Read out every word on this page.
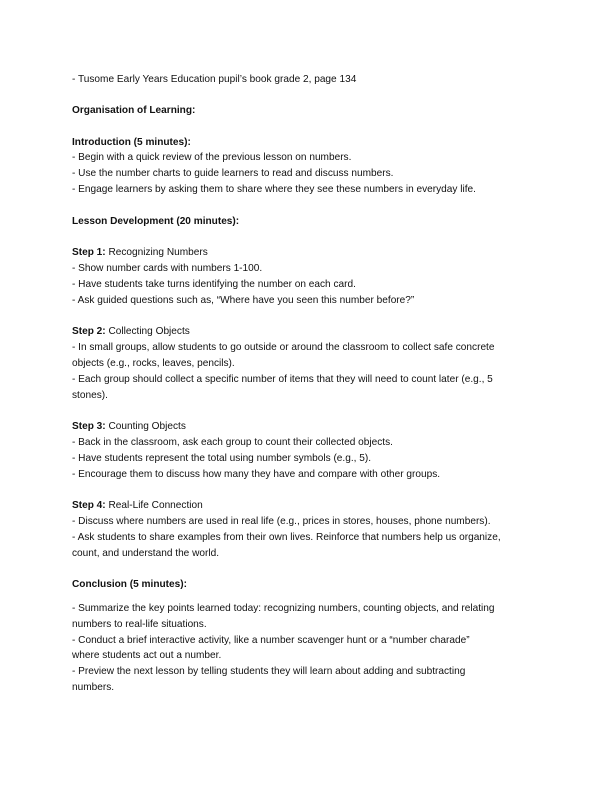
- Tusome Early Years Education pupil’s book grade 2, page 134
Organisation of Learning:
Introduction (5 minutes):
- Begin with a quick review of the previous lesson on numbers.
- Use the number charts to guide learners to read and discuss numbers.
- Engage learners by asking them to share where they see these numbers in everyday life.
Lesson Development (20 minutes):
Step 1: Recognizing Numbers
- Show number cards with numbers 1-100.
- Have students take turns identifying the number on each card.
- Ask guided questions such as, “Where have you seen this number before?”
Step 2: Collecting Objects
- In small groups, allow students to go outside or around the classroom to collect safe concrete
objects (e.g., rocks, leaves, pencils).
- Each group should collect a specific number of items that they will need to count later (e.g., 5
stones).
Step 3: Counting Objects
- Back in the classroom, ask each group to count their collected objects.
- Have students represent the total using number symbols (e.g., 5).
- Encourage them to discuss how many they have and compare with other groups.
Step 4: Real-Life Connection
- Discuss where numbers are used in real life (e.g., prices in stores, houses, phone numbers).
- Ask students to share examples from their own lives. Reinforce that numbers help us organize,
count, and understand the world.
Conclusion (5 minutes):
- Summarize the key points learned today: recognizing numbers, counting objects, and relating
numbers to real-life situations.
- Conduct a brief interactive activity, like a number scavenger hunt or a “number charade”
where students act out a number.
- Preview the next lesson by telling students they will learn about adding and subtracting
numbers.
